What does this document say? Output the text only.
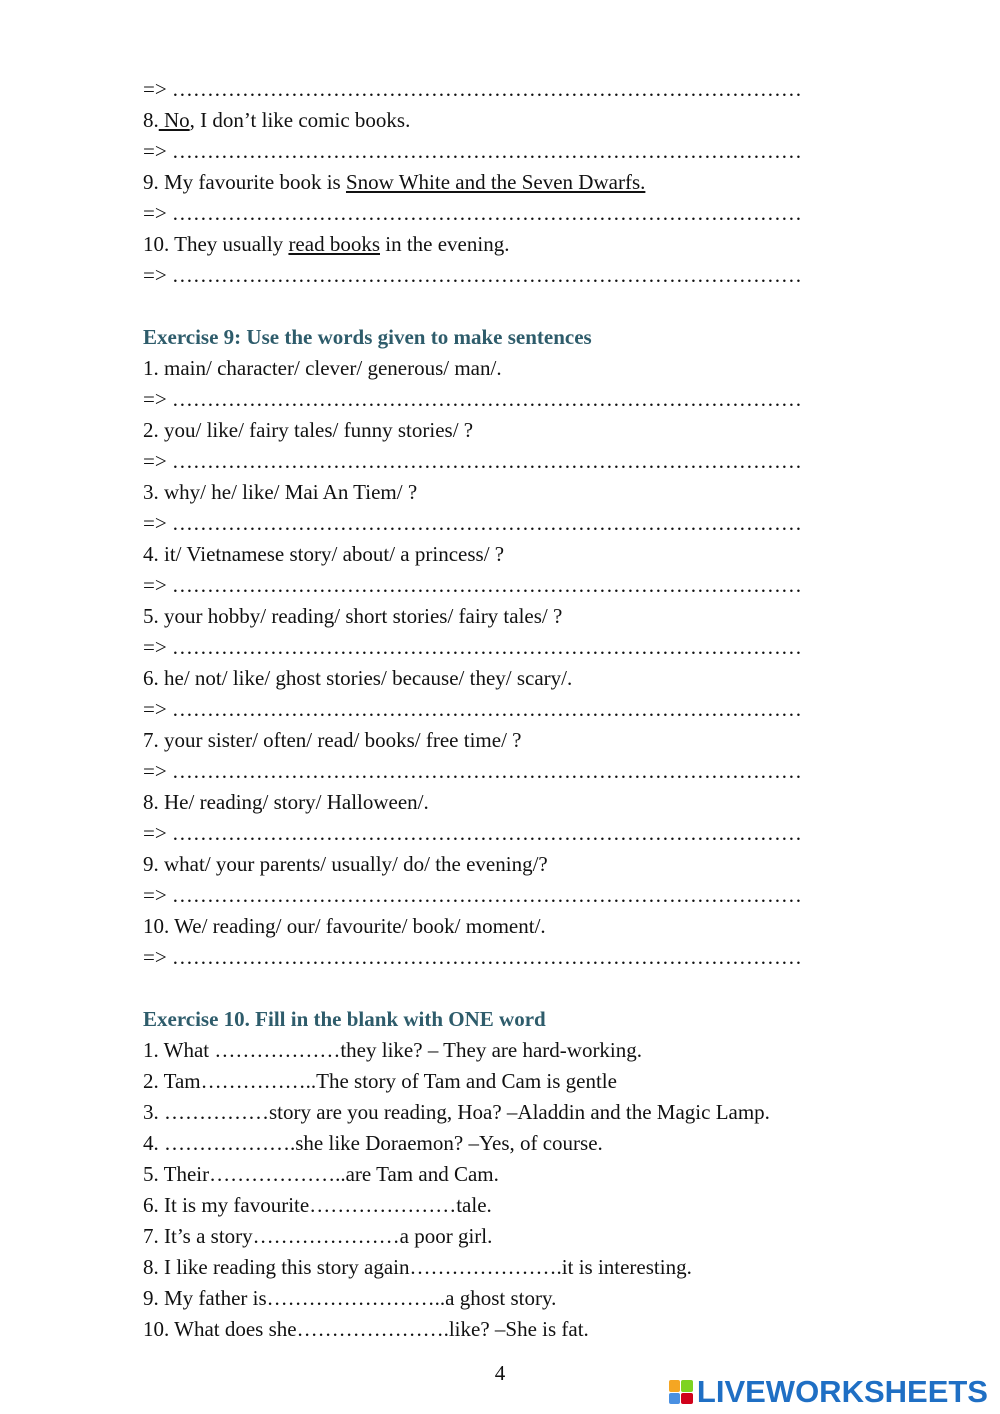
=> ………………………………………………………………………………
8. No, I don’t like comic books.
=> ………………………………………………………………………………
9. My favourite book is Snow White and the Seven Dwarfs.
=> ………………………………………………………………………………
10. They usually read books in the evening.
=> ………………………………………………………………………………
Exercise 9: Use the words given to make sentences
1. main/ character/ clever/ generous/ man/.
=> ………………………………………………………………………………
2. you/ like/ fairy tales/ funny stories/ ?
=> ………………………………………………………………………………
3. why/ he/ like/ Mai An Tiem/ ?
=> ………………………………………………………………………………
4. it/ Vietnamese story/ about/ a princess/ ?
=> ………………………………………………………………………………
5. your hobby/ reading/ short stories/ fairy tales/ ?
=> ………………………………………………………………………………
6. he/ not/ like/ ghost stories/ because/ they/ scary/.
=> ………………………………………………………………………………
7. your sister/ often/ read/ books/ free time/ ?
=> ………………………………………………………………………………
8. He/ reading/ story/ Halloween/.
=> ………………………………………………………………………………
9. what/ your parents/ usually/ do/ the evening/?
=> ………………………………………………………………………………
10. We/ reading/ our/ favourite/ book/ moment/.
=> ………………………………………………………………………………
Exercise 10. Fill in the blank with ONE word
1. What ………………they like? – They are hard-working.
2. Tam……………..The story of Tam and Cam is gentle
3. ……………story are you reading, Hoa? –Aladdin and the Magic Lamp.
4. ……………….she like Doraemon? –Yes, of course.
5. Their………………..are Tam and Cam.
6. It is my favourite…………………tale.
7. It’s a story…………………a poor girl.
8. I like reading this story again………………….it is interesting.
9. My father is……………………..a ghost story.
10. What does she………………….like? –She is fat.
4
LIVEWORKSHEETS
